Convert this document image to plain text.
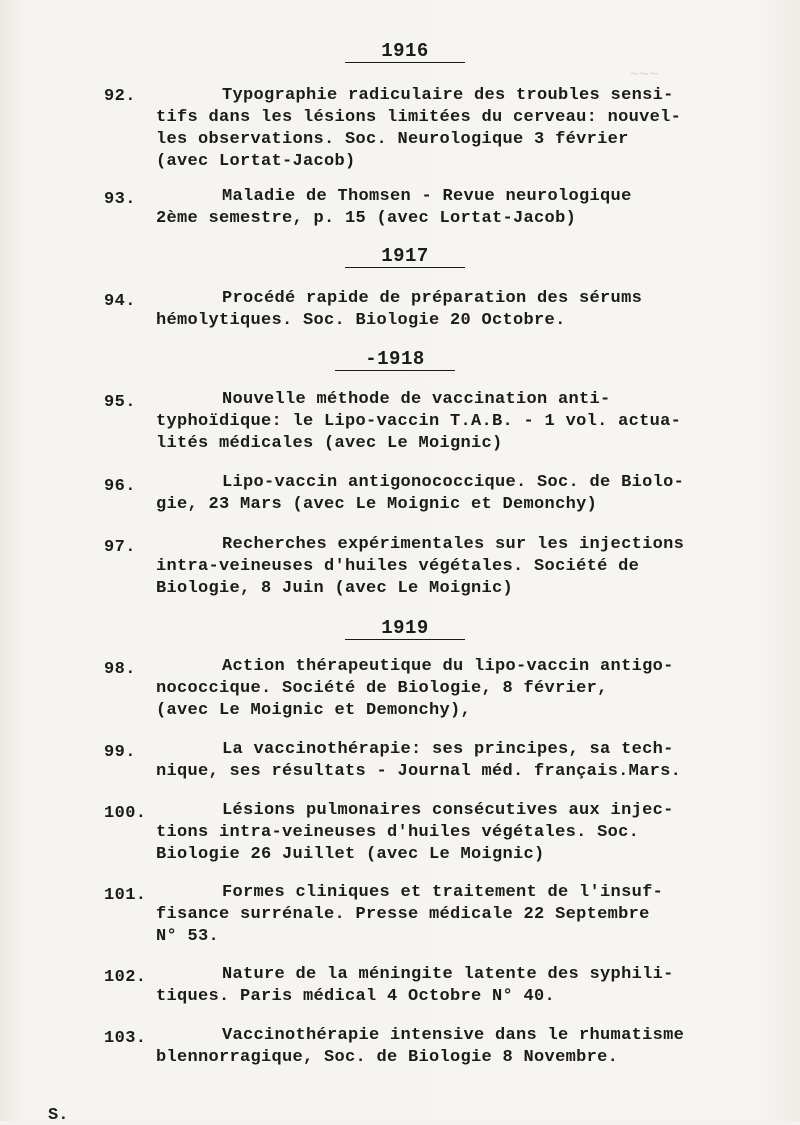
~~~
1916
1917
-1918
1919
92.	Typographie radiculaire des troubles sensi-
tifs dans les lésions limitées du cerveau: nouvel-
les observations. Soc. Neurologique 3 février
(avec Lortat-Jacob)
93.	Maladie de Thomsen - Revue neurologique
2ème semestre, p. 15 (avec Lortat-Jacob)
94.	Procédé rapide de préparation des sérums
hémolytiques. Soc. Biologie 20 Octobre.
95.	Nouvelle méthode de vaccination anti-
typhoïdique: le Lipo-vaccin T.A.B. - 1 vol. actua-
lités médicales (avec Le Moignic)
96.	Lipo-vaccin antigonococcique. Soc. de Biolo-
gie, 23 Mars (avec Le Moignic et Demonchy)
97.	Recherches expérimentales sur les injections
intra-veineuses d'huiles végétales. Société de
Biologie, 8 Juin (avec Le Moignic)
98.	Action thérapeutique du lipo-vaccin antigo-
nococcique. Société de Biologie, 8 février,
(avec Le Moignic et Demonchy),
99.	La vaccinothérapie: ses principes, sa tech-
nique, ses résultats - Journal méd. français.Mars.
100.	Lésions pulmonaires consécutives aux injec-
tions intra-veineuses d'huiles végétales. Soc.
Biologie 26 Juillet (avec Le Moignic)
101.	Formes cliniques et traitement de l'insuf-
fisance surrénale. Presse médicale 22 Septembre
N° 53.
102.	Nature de la méningite latente des syphili-
tiques. Paris médical 4 Octobre N° 40.
103.	Vaccinothérapie intensive dans le rhumatisme
blennorragique, Soc. de Biologie 8 Novembre.
S.
